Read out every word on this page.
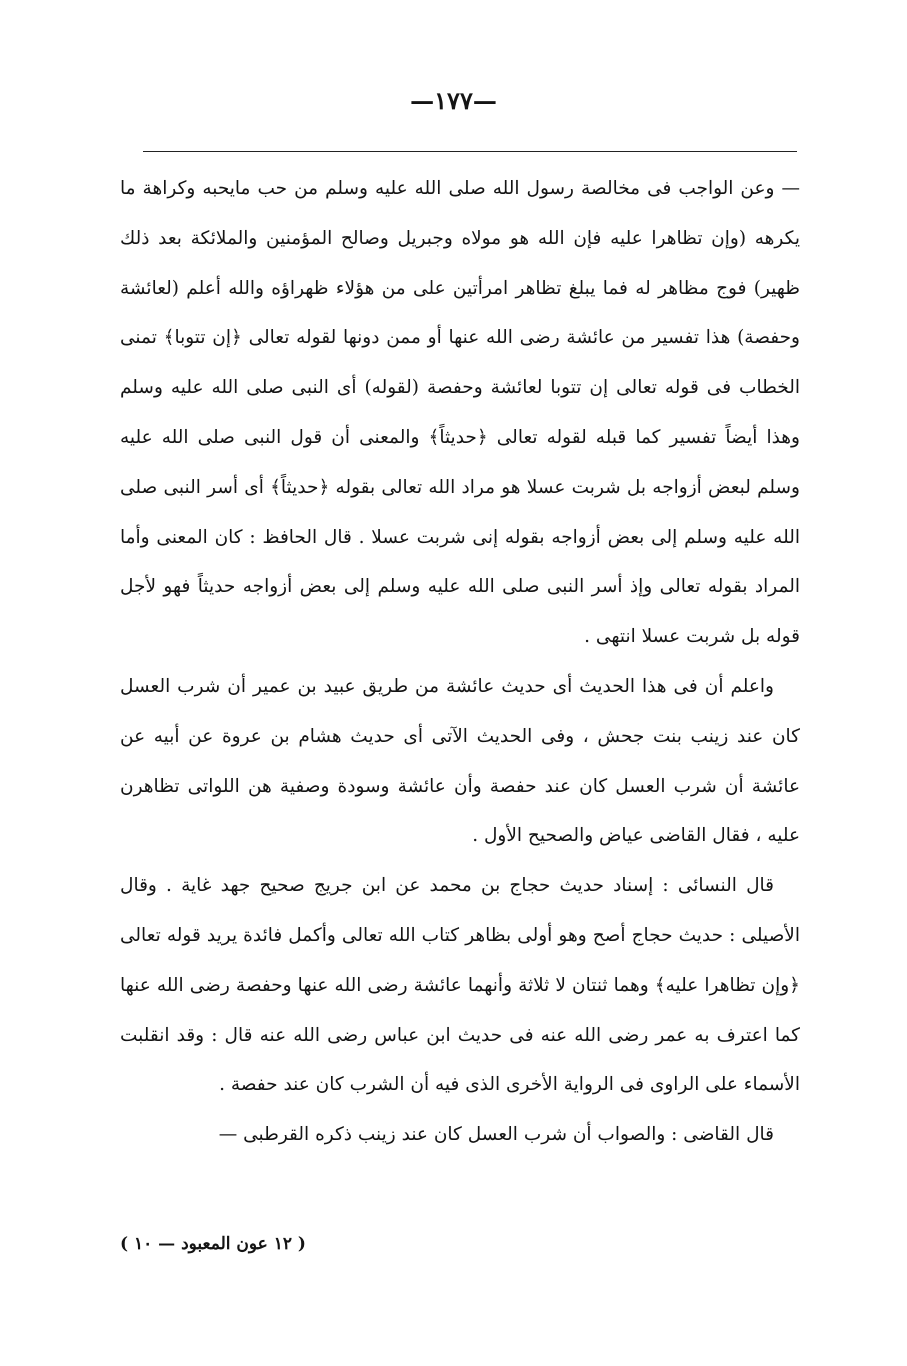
—١٧٧—

— وعن الواجب فى مخالصة رسول الله صلى الله عليه وسلم من حب مايحبه وكراهة ما يكرهه (وإن تظاهرا عليه فإن الله هو مولاه وجبريل وصالح المؤمنين والملائكة بعد ذلك ظهير) فوج مظاهر له فما يبلغ تظاهر امرأتين على من هؤلاء ظهراؤه والله أعلم (لعائشة وحفصة) هذا تفسير من عائشة رضى الله عنها أو ممن دونها لقوله تعالى ﴿إن تتوبا﴾ تمنى الخطاب فى قوله تعالى إن تتوبا لعائشة وحفصة (لقوله) أى النبى صلى الله عليه وسلم وهذا أيضاً تفسير كما قبله لقوله تعالى ﴿حديثاً﴾ والمعنى أن قول النبى صلى الله عليه وسلم لبعض أزواجه بل شربت عسلا هو مراد الله تعالى بقوله ﴿حديثاً﴾ أى أسر النبى صلى الله عليه وسلم إلى بعض أزواجه بقوله إنى شربت عسلا . قال الحافظ : كان المعنى وأما المراد بقوله تعالى وإذ أسر النبى صلى الله عليه وسلم إلى بعض أزواجه حديثاً فهو لأجل قوله بل شربت عسلا انتهى .

واعلم أن فى هذا الحديث أى حديث عائشة من طريق عبيد بن عمير أن شرب العسل كان عند زينب بنت جحش ، وفى الحديث الآتى أى حديث هشام بن عروة عن أبيه عن عائشة أن شرب العسل كان عند حفصة وأن عائشة وسودة وصفية هن اللواتى تظاهرن عليه ، فقال القاضى عياض والصحيح الأول .

قال النسائى : إسناد حديث حجاج بن محمد عن ابن جريج صحيح جهد غاية . وقال الأصيلى : حديث حجاج أصح وهو أولى بظاهر كتاب الله تعالى وأكمل فائدة يريد قوله تعالى ﴿وإن تظاهرا عليه﴾ وهما ثنتان لا ثلاثة وأنهما عائشة رضى الله عنها وحفصة رضى الله عنها كما اعترف به عمر رضى الله عنه فى حديث ابن عباس رضى الله عنه قال : وقد انقلبت الأسماء على الراوى فى الرواية الأخرى الذى فيه أن الشرب كان عند حفصة .

قال القاضى : والصواب أن شرب العسل كان عند زينب ذكره القرطبى —

( ١٢ عون المعبود — ١٠ )
